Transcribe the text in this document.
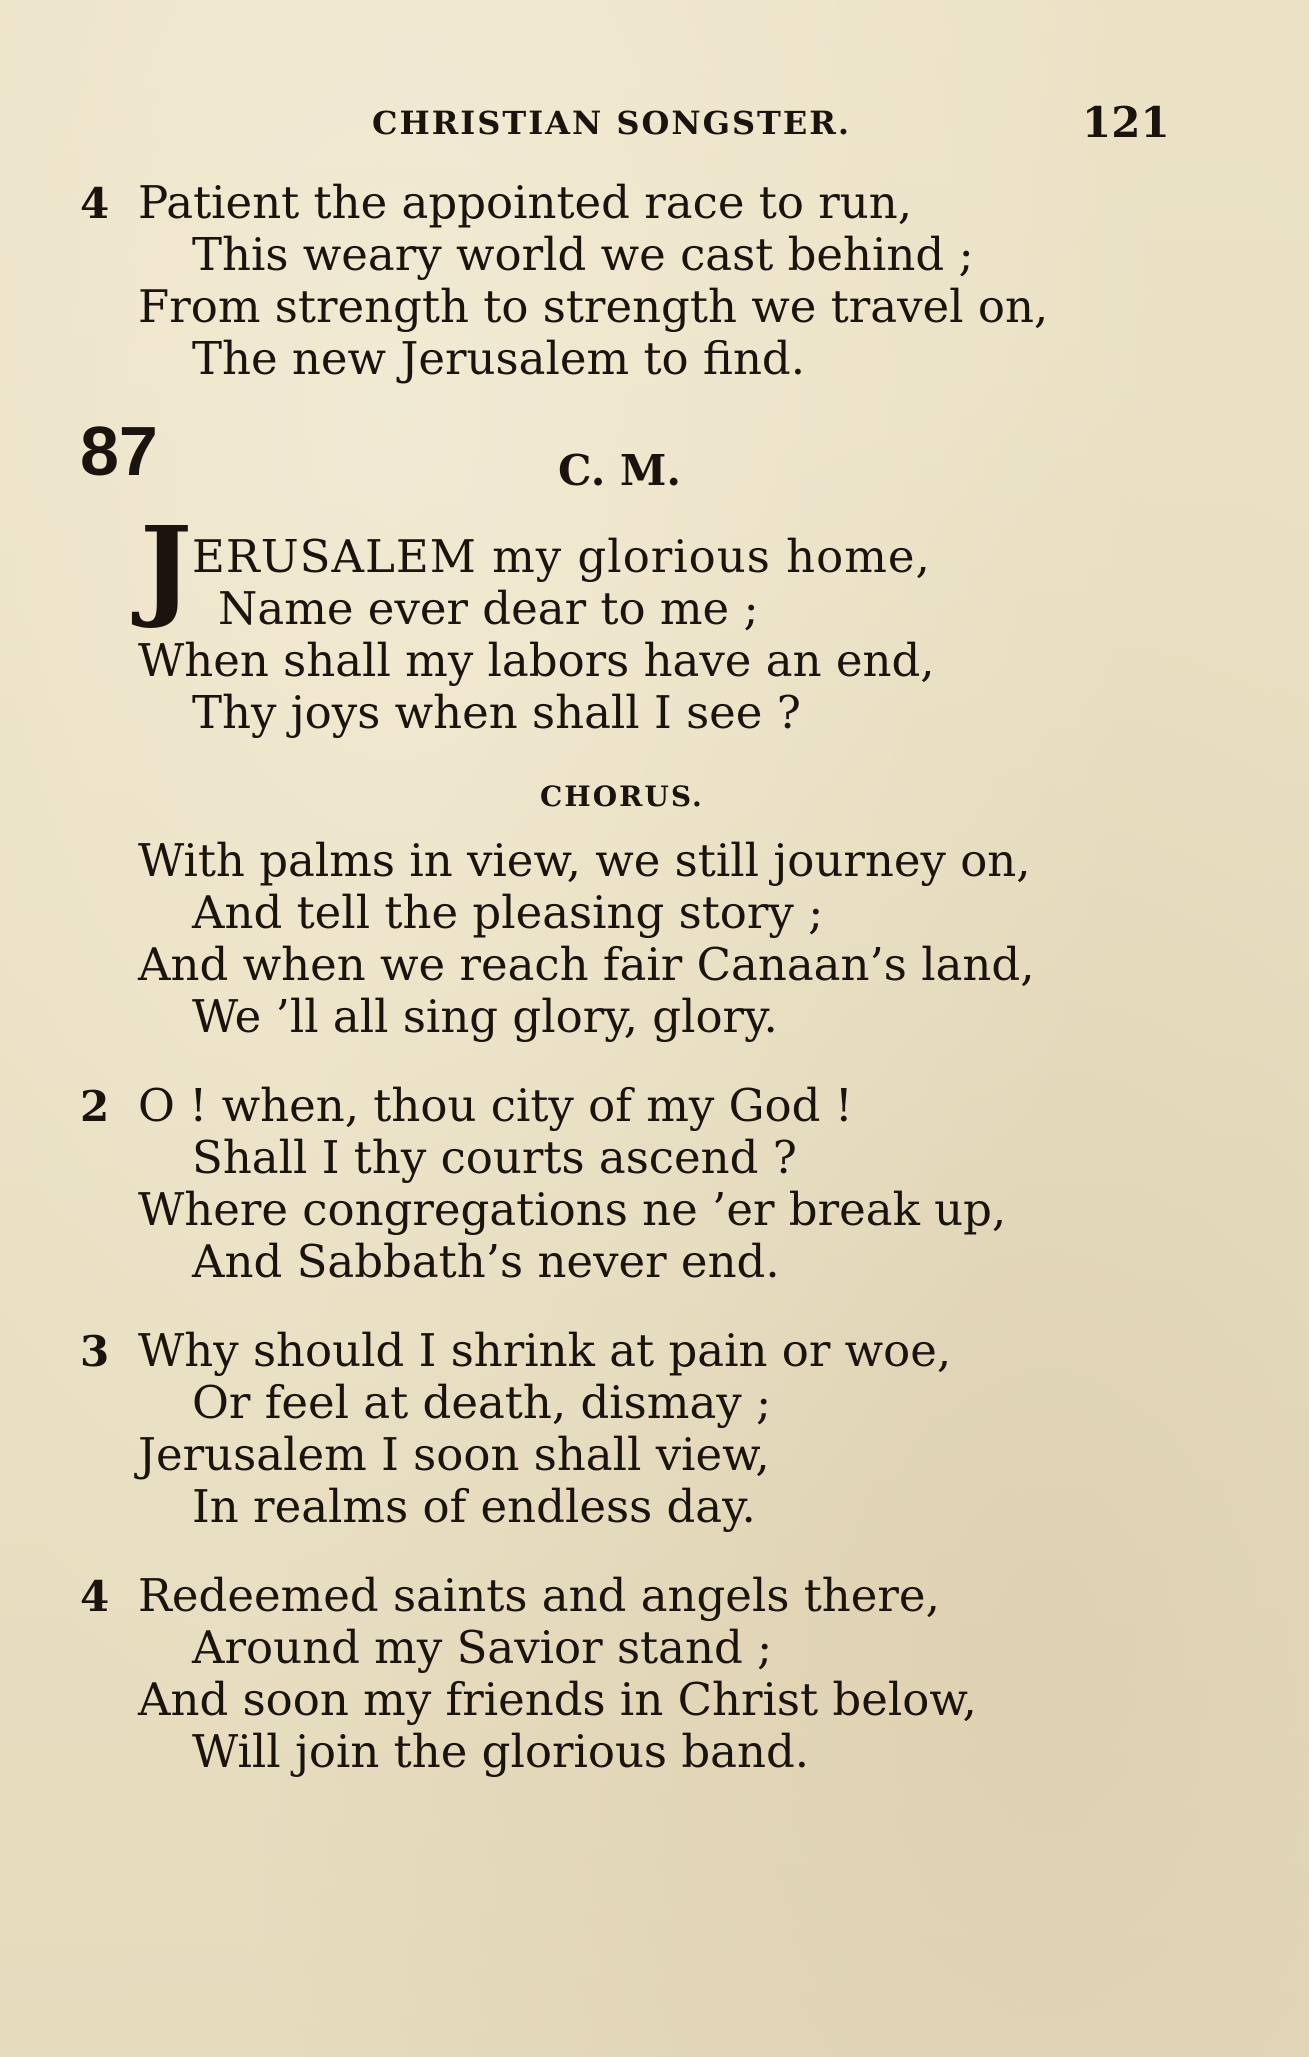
CHRISTIAN SONGSTER.	121
4 Patient the appointed race to run,
This weary world we cast behind ;
From strength to strength we travel on,
The new Jerusalem to find.
87	C. M.
J ERUSALEM my glorious home,
Name ever dear to me ;
When shall my labors have an end,
Thy joys when shall I see ?
CHORUS.
With palms in view, we still journey on,
And tell the pleasing story ;
And when we reach fair Canaan’s land,
We ’ll all sing glory, glory.
2 O ! when, thou city of my God !
Shall I thy courts ascend ?
Where congregations ne ’er break up,
And Sabbath’s never end.
3 Why should I shrink at pain or woe,
Or feel at death, dismay ;
Jerusalem I soon shall view,
In realms of endless day.
4 Redeemed saints and angels there,
Around my Savior stand ;
And soon my friends in Christ below,
Will join the glorious band.
